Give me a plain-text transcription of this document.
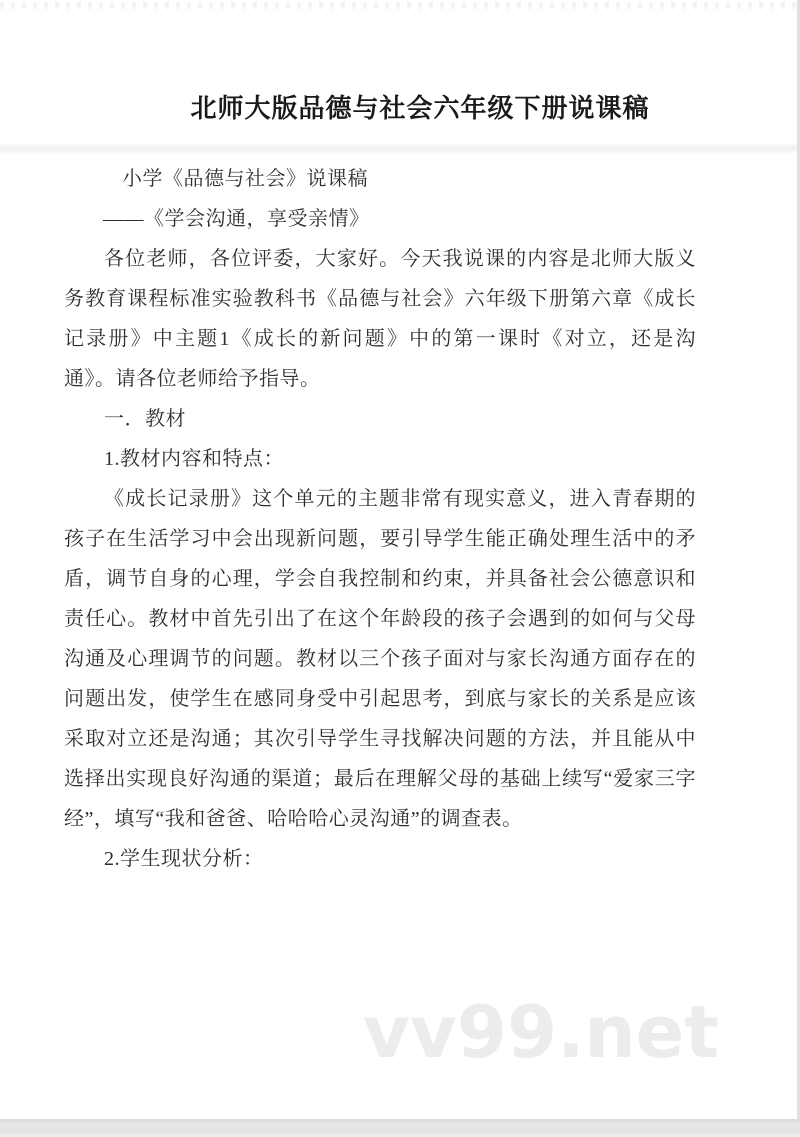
北师大版品德与社会六年级下册说课稿

小学《品德与社会》说课稿

——《学会沟通，享受亲情》

各位老师，各位评委，大家好。今天我说课的内容是北师大版义务教育课程标准实验教科书《品德与社会》六年级下册第六章《成长记录册》中主题1《成长的新问题》中的第一课时《对立，还是沟通》。请各位老师给予指导。

一．教材

1.教材内容和特点：

《成长记录册》这个单元的主题非常有现实意义，进入青春期的孩子在生活学习中会出现新问题，要引导学生能正确处理生活中的矛盾，调节自身的心理，学会自我控制和约束，并具备社会公德意识和责任心。教材中首先引出了在这个年龄段的孩子会遇到的如何与父母沟通及心理调节的问题。教材以三个孩子面对与家长沟通方面存在的问题出发，使学生在感同身受中引起思考，到底与家长的关系是应该采取对立还是沟通；其次引导学生寻找解决问题的方法，并且能从中选择出实现良好沟通的渠道；最后在理解父母的基础上续写“爱家三字经”，填写“我和爸爸、哈哈哈心灵沟通”的调查表。

2.学生现状分析：

vv99.net
